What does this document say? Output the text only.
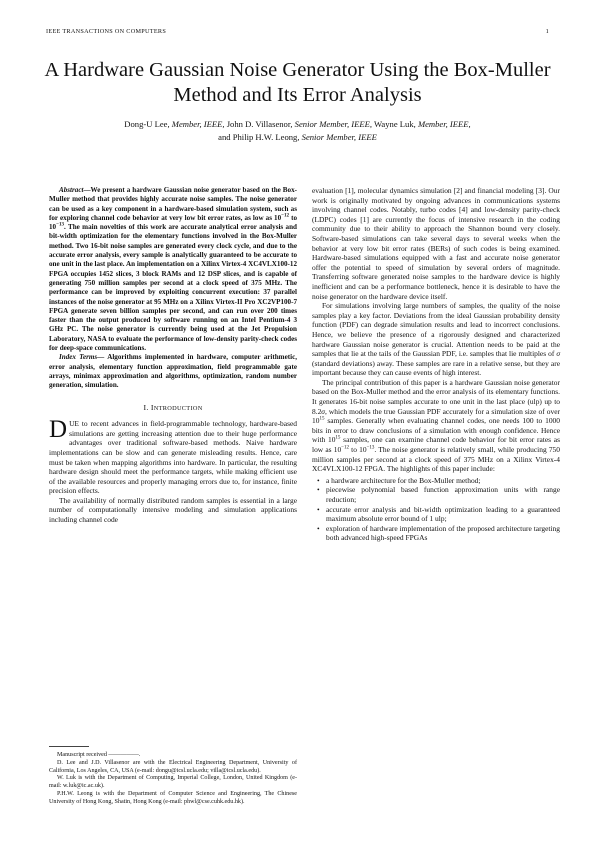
IEEE TRANSACTIONS ON COMPUTERS	1
A Hardware Gaussian Noise Generator Using the Box-Muller Method and Its Error Analysis
Dong-U Lee, Member, IEEE, John D. Villasenor, Senior Member, IEEE, Wayne Luk, Member, IEEE,
and Philip H.W. Leong, Senior Member, IEEE

Abstract—We present a hardware Gaussian noise generator based on the Box-Muller method that provides highly accurate noise samples. The noise generator can be used as a key component in a hardware-based simulation system, such as for exploring channel code behavior at very low bit error rates, as low as $10^{-12}$ to $10^{-13}$. The main novelties of this work are accurate analytical error analysis and bit-width optimization for the elementary functions involved in the Box-Muller method. Two 16-bit noise samples are generated every clock cycle, and due to the accurate error analysis, every sample is analytically guaranteed to be accurate to one unit in the last place. An implementation on a Xilinx Virtex-4 XC4VLX100-12 FPGA occupies 1452 slices, 3 block RAMs and 12 DSP slices, and is capable of generating 750 million samples per second at a clock speed of 375 MHz. The performance can be improved by exploiting concurrent execution: 37 parallel instances of the noise generator at 95 MHz on a Xilinx Virtex-II Pro XC2VP100-7 FPGA generate seven billion samples per second, and can run over 200 times faster than the output produced by software running on an Intel Pentium-4 3 GHz PC. The noise generator is currently being used at the Jet Propulsion Laboratory, NASA to evaluate the performance of low-density parity-check codes for deep-space communications.

Index Terms— Algorithms implemented in hardware, computer arithmetic, error analysis, elementary function approximation, field programmable gate arrays, minimax approximation and algorithms, optimization, random number generation, simulation.

I. INTRODUCTION

DUE to recent advances in field-programmable technology, hardware-based simulations are getting increasing attention due to their huge performance advantages over traditional software-based methods. Naive hardware implementations can be slow and can generate misleading results. Hence, care must be taken when mapping algorithms into hardware. In particular, the resulting hardware design should meet the performance targets, while making efficient use of the available resources and properly managing errors due to, for instance, finite precision effects.

The availability of normally distributed random samples is essential in a large number of computationally intensive modeling and simulation applications including channel code

Manuscript received —————.

D. Lee and J.D. Villasenor are with the Electrical Engineering Department, University of California, Los Angeles, CA, USA (e-mail: dongu@icsl.ucla.edu; villa@icsl.ucla.edu).

W. Luk is with the Department of Computing, Imperial College, London, United Kingdom (e-mail: w.luk@ic.ac.uk).

P.H.W. Leong is with the Department of Computer Science and Engineering, The Chinese University of Hong Kong, Shatin, Hong Kong (e-mail: phwl@cse.cuhk.edu.hk).

evaluation [1], molecular dynamics simulation [2] and financial modeling [3]. Our work is originally motivated by ongoing advances in communications systems involving channel codes. Notably, turbo codes [4] and low-density parity-check (LDPC) codes [1] are currently the focus of intensive research in the coding community due to their ability to approach the Shannon bound very closely. Software-based simulations can take several days to several weeks when the behavior at very low bit error rates (BERs) of such codes is being examined. Hardware-based simulations equipped with a fast and accurate noise generator offer the potential to speed of simulation by several orders of magnitude. Transferring software generated noise samples to the hardware device is highly inefficient and can be a performance bottleneck, hence it is desirable to have the noise generator on the hardware device itself.

For simulations involving large numbers of samples, the quality of the noise samples play a key factor. Deviations from the ideal Gaussian probability density function (PDF) can degrade simulation results and lead to incorrect conclusions. Hence, we believe the presence of a rigorously designed and characterized hardware Gaussian noise generator is crucial. Attention needs to be paid at the samples that lie at the tails of the Gaussian PDF, i.e. samples that lie multiples of σ (standard deviations) away. These samples are rare in a relative sense, but they are important because they can cause events of high interest.

The principal contribution of this paper is a hardware Gaussian noise generator based on the Box-Muller method and the error analysis of its elementary functions. It generates 16-bit noise samples accurate to one unit in the last place (ulp) up to 8.2σ, which models the true Gaussian PDF accurately for a simulation size of over $10^{15}$ samples. Generally when evaluating channel codes, one needs 100 to 1000 bits in error to draw conclusions of a simulation with enough confidence. Hence with $10^{15}$ samples, one can examine channel code behavior for bit error rates as low as $10^{-12}$ to $10^{-13}$. The noise generator is relatively small, while producing 750 million samples per second at a clock speed of 375 MHz on a Xilinx Virtex-4 XC4VLX100-12 FPGA. The highlights of this paper include:

• a hardware architecture for the Box-Muller method;
• piecewise polynomial based function approximation units with range reduction;
• accurate error analysis and bit-width optimization leading to a guaranteed maximum absolute error bound of 1 ulp;
• exploration of hardware implementation of the proposed architecture targeting both advanced high-speed FPGAs
